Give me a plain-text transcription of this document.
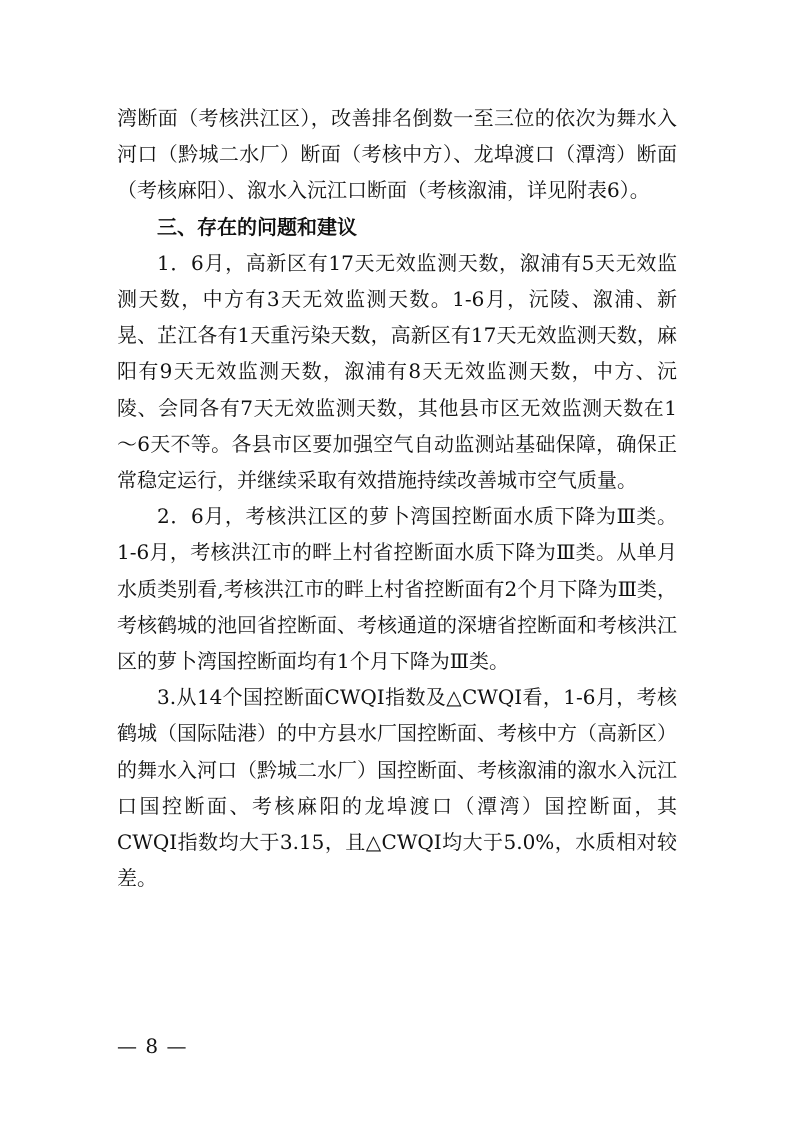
湾断面（考核洪江区），改善排名倒数一至三位的依次为舞水入河口（黔城二水厂）断面（考核中方）、龙埠渡口（潭湾）断面（考核麻阳）、溆水入沅江口断面（考核溆浦，详见附表6）。

三、存在的问题和建议

1．6月，高新区有17天无效监测天数，溆浦有5天无效监测天数，中方有3天无效监测天数。1-6月，沅陵、溆浦、新晃、芷江各有1天重污染天数，高新区有17天无效监测天数，麻阳有9天无效监测天数，溆浦有8天无效监测天数，中方、沅陵、会同各有7天无效监测天数，其他县市区无效监测天数在1～6天不等。各县市区要加强空气自动监测站基础保障，确保正常稳定运行，并继续采取有效措施持续改善城市空气质量。

2．6月，考核洪江区的萝卜湾国控断面水质下降为Ⅲ类。1-6月，考核洪江市的畔上村省控断面水质下降为Ⅲ类。从单月水质类别看,考核洪江市的畔上村省控断面有2个月下降为Ⅲ类，考核鹤城的池回省控断面、考核通道的深塘省控断面和考核洪江区的萝卜湾国控断面均有1个月下降为Ⅲ类。

3.从14个国控断面CWQI指数及△CWQI看，1-6月，考核鹤城（国际陆港）的中方县水厂国控断面、考核中方（高新区）的舞水入河口（黔城二水厂）国控断面、考核溆浦的溆水入沅江口国控断面、考核麻阳的龙埠渡口（潭湾）国控断面，其CWQI指数均大于3.15，且△CWQI均大于5.0%，水质相对较差。

— 8 —
